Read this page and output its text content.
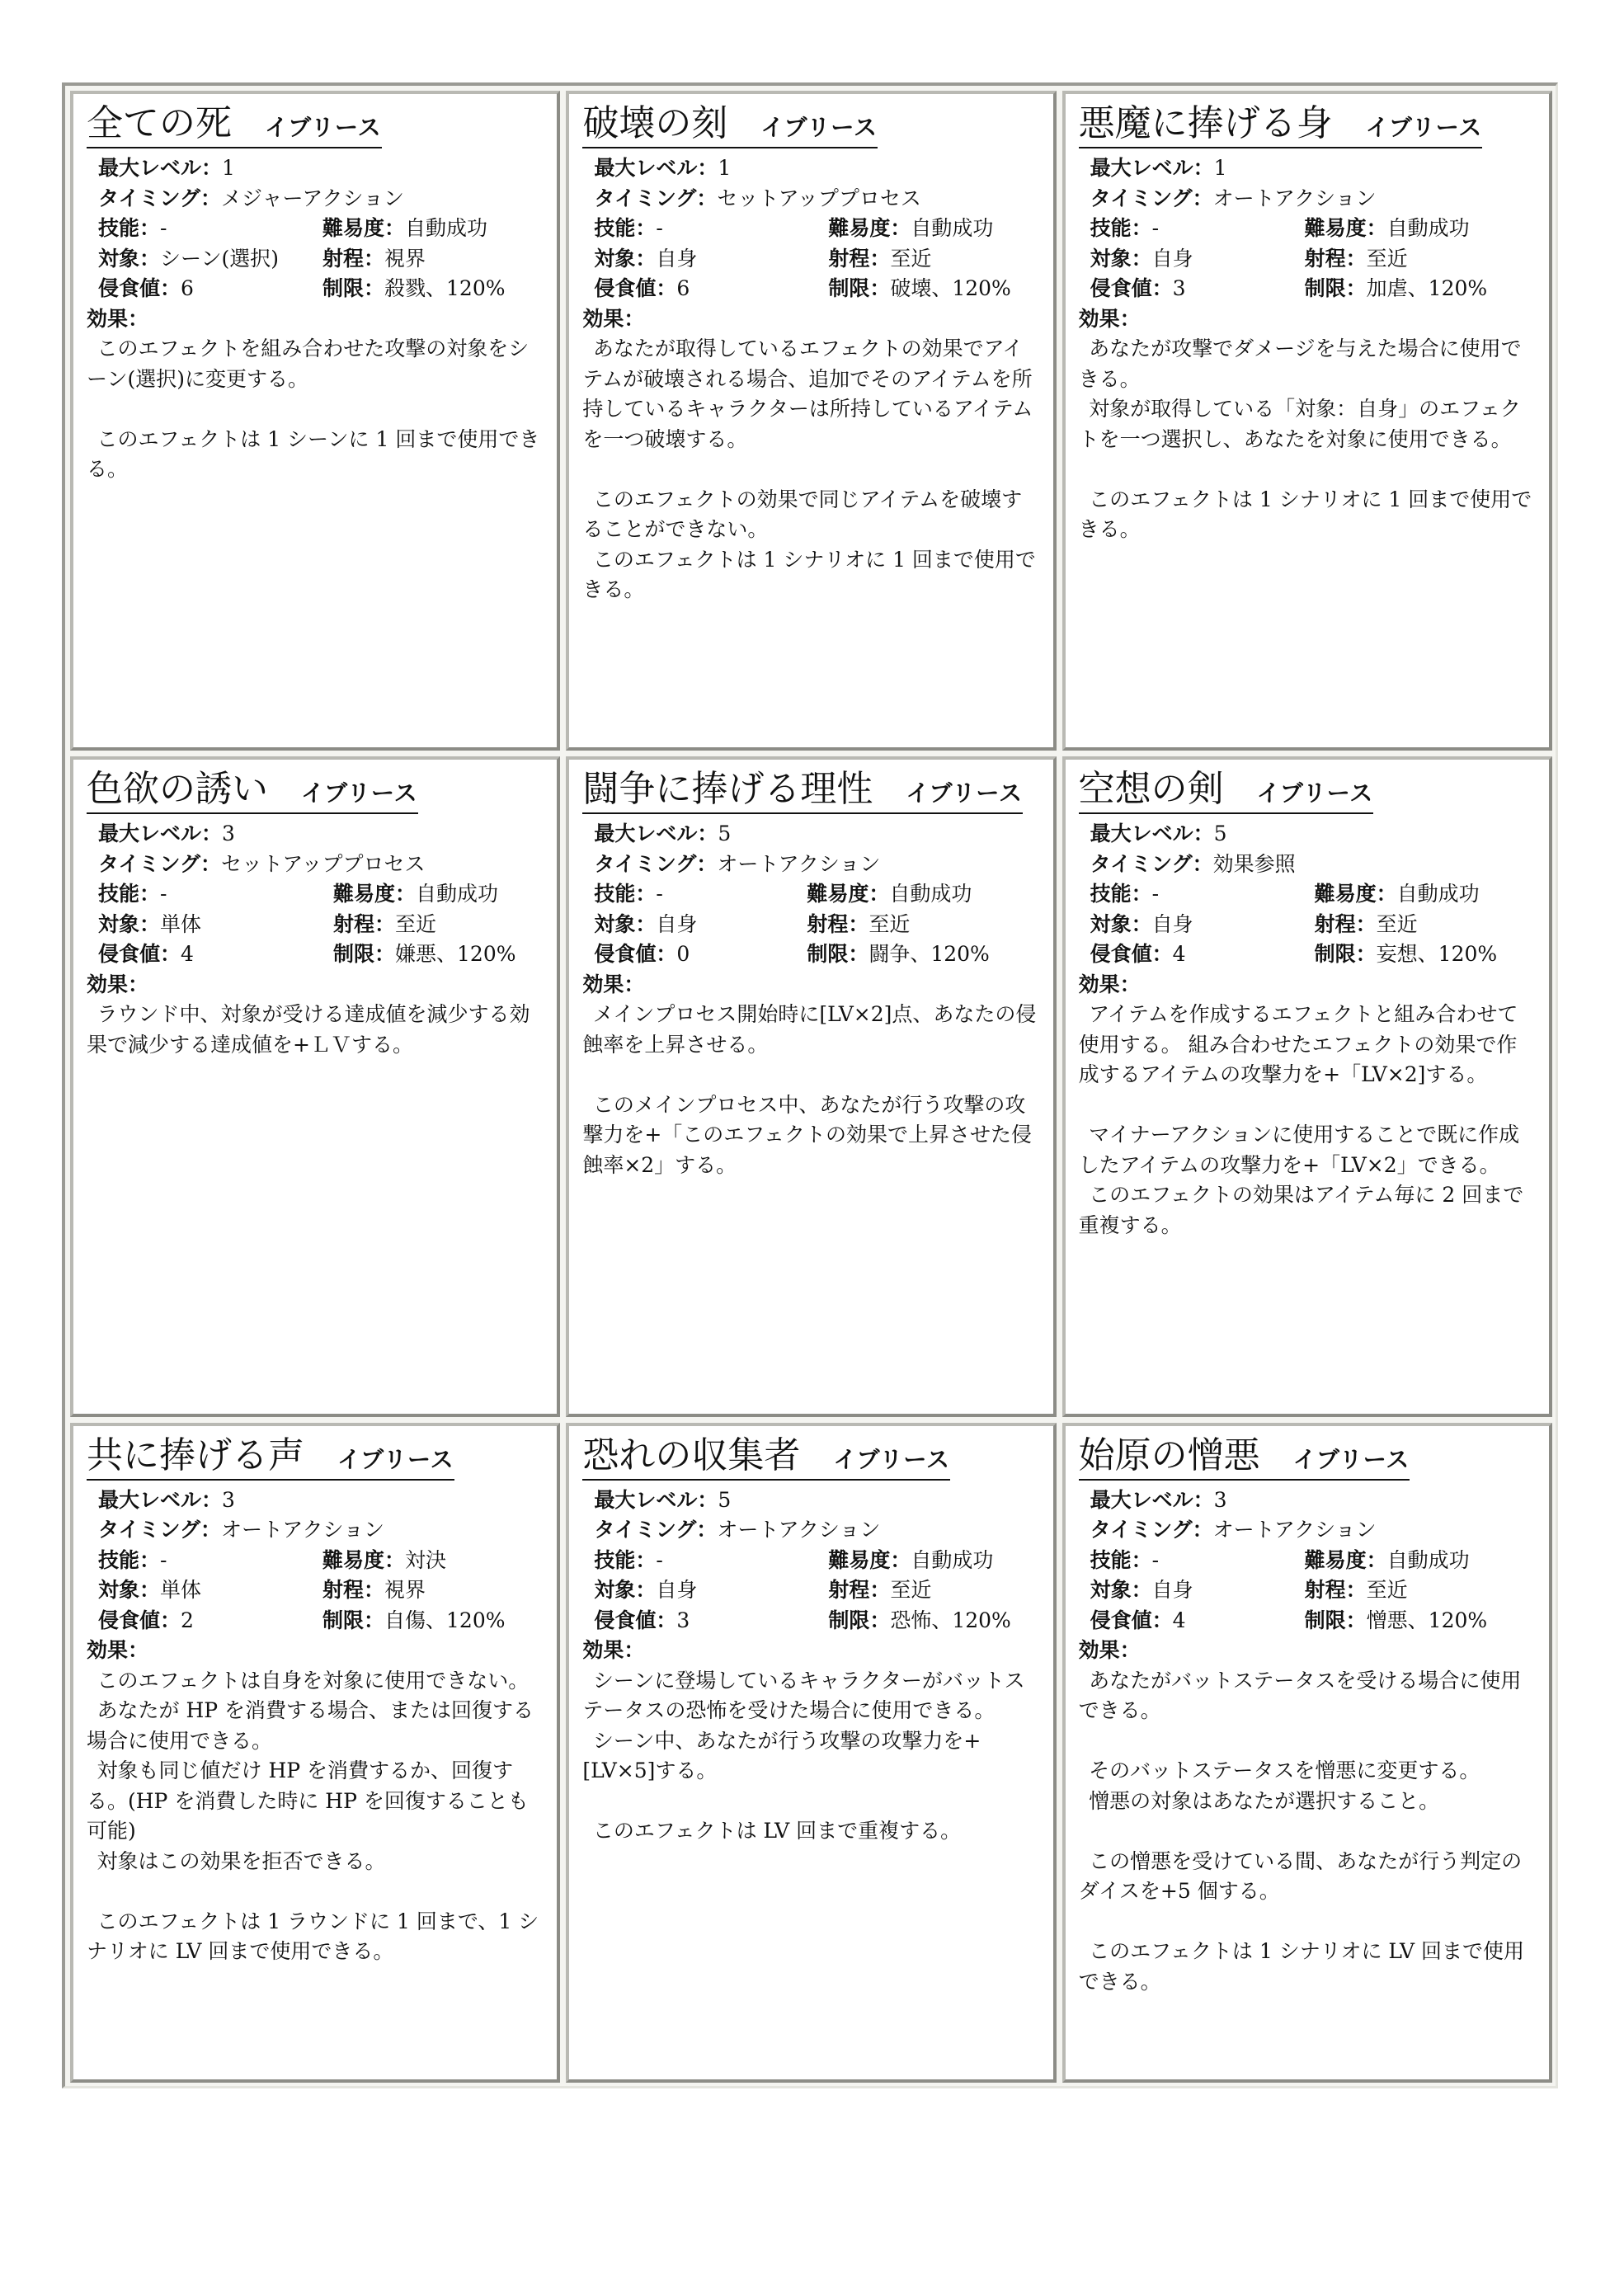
全ての死 イブリース
最大レベル： 1
タイミング： メジャーアクション
技能：-	難易度：自動成功
対象：シーン(選択)	射程：視界
侵食値：6	制限：殺戮、120%
効果：

このエフェクトを組み合わせた攻撃の対象をシーン(選択)に変更する。

このエフェクトは 1 シーンに 1 回まで使用できる。

破壊の刻 イブリース
最大レベル： 1
タイミング： セットアッププロセス
技能：-	難易度：自動成功
対象：自身	射程：至近
侵食値：6	制限：破壊、120%
効果：

あなたが取得しているエフェクトの効果でアイテムが破壊される場合、追加でそのアイテムを所持しているキャラクターは所持しているアイテムを一つ破壊する。

このエフェクトの効果で同じアイテムを破壊することができない。

このエフェクトは 1 シナリオに 1 回まで使用できる。

悪魔に捧げる身 イブリース
最大レベル： 1
タイミング： オートアクション
技能：-	難易度：自動成功
対象：自身	射程：至近
侵食値：3	制限：加虐、120%
効果：

あなたが攻撃でダメージを与えた場合に使用できる。

対象が取得している「対象：自身」のエフェクトを一つ選択し、あなたを対象に使用できる。

このエフェクトは 1 シナリオに 1 回まで使用できる。

色欲の誘い イブリース
最大レベル： 3
タイミング： セットアッププロセス
技能：-	難易度：自動成功
対象：単体	射程：至近
侵食値：4	制限：嫌悪、120%
効果：

ラウンド中、対象が受ける達成値を減少する効果で減少する達成値を+ＬＶする。

闘争に捧げる理性 イブリース
最大レベル： 5
タイミング： オートアクション
技能：-	難易度：自動成功
対象：自身	射程：至近
侵食値：0	制限：闘争、120%
効果：

メインプロセス開始時に[LV×2]点、あなたの侵蝕率を上昇させる。

このメインプロセス中、あなたが行う攻撃の攻撃力を+「このエフェクトの効果で上昇させた侵蝕率×2」する。

空想の剣 イブリース
最大レベル： 5
タイミング： 効果参照
技能：-	難易度：自動成功
対象：自身	射程：至近
侵食値：4	制限：妄想、120%
効果：

アイテムを作成するエフェクトと組み合わせて使用する。 組み合わせたエフェクトの効果で作成するアイテムの攻撃力を+「LV×2]する。

マイナーアクションに使用することで既に作成したアイテムの攻撃力を+「LV×2」できる。

このエフェクトの効果はアイテム毎に 2 回まで重複する。

共に捧げる声 イブリース
最大レベル： 3
タイミング： オートアクション
技能：-	難易度：対決
対象：単体	射程：視界
侵食値：2	制限：自傷、120%
効果：

このエフェクトは自身を対象に使用できない。

あなたが HP を消費する場合、または回復する場合に使用できる。

対象も同じ値だけ HP を消費するか、回復する。(HP を消費した時に HP を回復することも可能)

対象はこの効果を拒否できる。

このエフェクトは 1 ラウンドに 1 回まで、1 シナリオに LV 回まで使用できる。

恐れの収集者 イブリース
最大レベル： 5
タイミング： オートアクション
技能：-	難易度：自動成功
対象：自身	射程：至近
侵食値：3	制限：恐怖、120%
効果：

シーンに登場しているキャラクターがバットステータスの恐怖を受けた場合に使用できる。

シーン中、あなたが行う攻撃の攻撃力を+[LV×5]する。

このエフェクトは LV 回まで重複する。

始原の憎悪 イブリース
最大レベル： 3
タイミング： オートアクション
技能：-	難易度：自動成功
対象：自身	射程：至近
侵食値：4	制限：憎悪、120%
効果：

あなたがバットステータスを受ける場合に使用できる。

そのバットステータスを憎悪に変更する。

憎悪の対象はあなたが選択すること。

この憎悪を受けている間、あなたが行う判定のダイスを+5 個する。

このエフェクトは 1 シナリオに LV 回まで使用できる。
